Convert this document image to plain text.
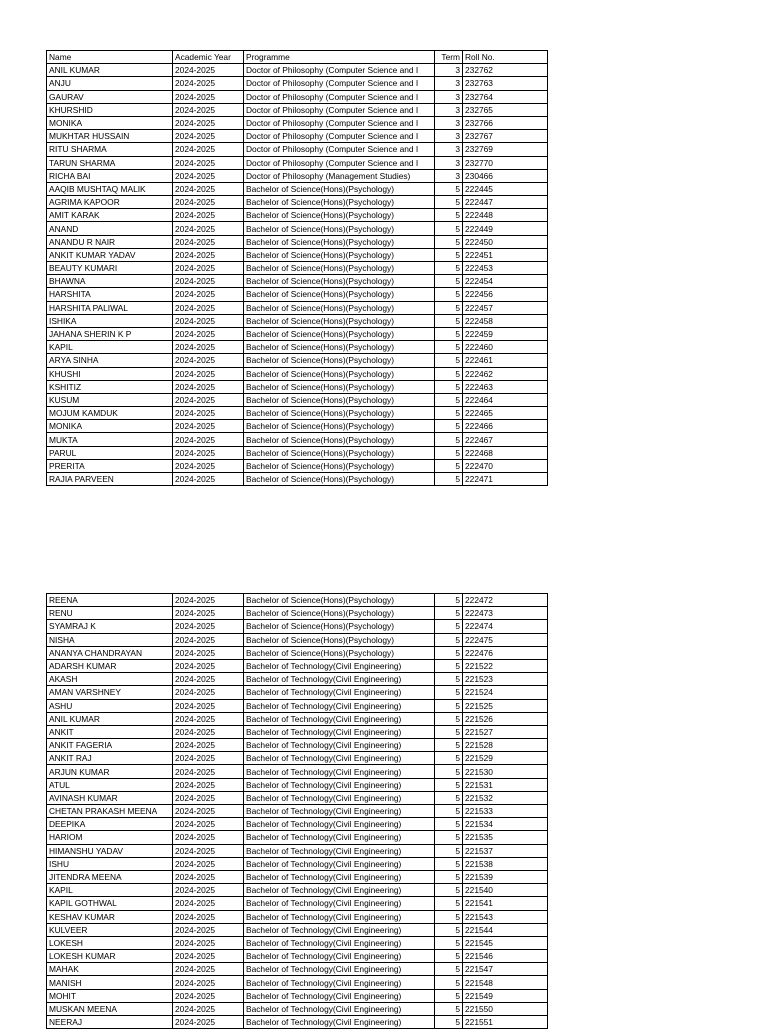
Name	Academic Year	Programme	Term	Roll No.
ANIL KUMAR	2024-2025	Doctor of Philosophy (Computer Science and I	3	232762
ANJU	2024-2025	Doctor of Philosophy (Computer Science and I	3	232763
GAURAV	2024-2025	Doctor of Philosophy (Computer Science and I	3	232764
KHURSHID	2024-2025	Doctor of Philosophy (Computer Science and I	3	232765
MONIKA	2024-2025	Doctor of Philosophy (Computer Science and I	3	232766
MUKHTAR HUSSAIN	2024-2025	Doctor of Philosophy (Computer Science and I	3	232767
RITU SHARMA	2024-2025	Doctor of Philosophy (Computer Science and I	3	232769
TARUN SHARMA	2024-2025	Doctor of Philosophy (Computer Science and I	3	232770
RICHA BAI	2024-2025	Doctor of Philosophy (Management Studies)	3	230466
AAQIB MUSHTAQ MALIK	2024-2025	Bachelor of Science(Hons)(Psychology)	5	222445
AGRIMA KAPOOR	2024-2025	Bachelor of Science(Hons)(Psychology)	5	222447
AMIT KARAK	2024-2025	Bachelor of Science(Hons)(Psychology)	5	222448
ANAND	2024-2025	Bachelor of Science(Hons)(Psychology)	5	222449
ANANDU R NAIR	2024-2025	Bachelor of Science(Hons)(Psychology)	5	222450
ANKIT KUMAR YADAV	2024-2025	Bachelor of Science(Hons)(Psychology)	5	222451
BEAUTY KUMARI	2024-2025	Bachelor of Science(Hons)(Psychology)	5	222453
BHAWNA	2024-2025	Bachelor of Science(Hons)(Psychology)	5	222454
HARSHITA	2024-2025	Bachelor of Science(Hons)(Psychology)	5	222456
HARSHITA PALIWAL	2024-2025	Bachelor of Science(Hons)(Psychology)	5	222457
ISHIKA	2024-2025	Bachelor of Science(Hons)(Psychology)	5	222458
JAHANA SHERIN K P	2024-2025	Bachelor of Science(Hons)(Psychology)	5	222459
KAPIL	2024-2025	Bachelor of Science(Hons)(Psychology)	5	222460
ARYA SINHA	2024-2025	Bachelor of Science(Hons)(Psychology)	5	222461
KHUSHI	2024-2025	Bachelor of Science(Hons)(Psychology)	5	222462
KSHITIZ	2024-2025	Bachelor of Science(Hons)(Psychology)	5	222463
KUSUM	2024-2025	Bachelor of Science(Hons)(Psychology)	5	222464
MOJUM KAMDUK	2024-2025	Bachelor of Science(Hons)(Psychology)	5	222465
MONIKA	2024-2025	Bachelor of Science(Hons)(Psychology)	5	222466
MUKTA	2024-2025	Bachelor of Science(Hons)(Psychology)	5	222467
PARUL	2024-2025	Bachelor of Science(Hons)(Psychology)	5	222468
PRERITA	2024-2025	Bachelor of Science(Hons)(Psychology)	5	222470
RAJIA PARVEEN	2024-2025	Bachelor of Science(Hons)(Psychology)	5	222471
REENA	2024-2025	Bachelor of Science(Hons)(Psychology)	5	222472
RENU	2024-2025	Bachelor of Science(Hons)(Psychology)	5	222473
SYAMRAJ K	2024-2025	Bachelor of Science(Hons)(Psychology)	5	222474
NISHA	2024-2025	Bachelor of Science(Hons)(Psychology)	5	222475
ANANYA CHANDRAYAN	2024-2025	Bachelor of Science(Hons)(Psychology)	5	222476
ADARSH KUMAR	2024-2025	Bachelor of Technology(Civil Engineering)	5	221522
AKASH	2024-2025	Bachelor of Technology(Civil Engineering)	5	221523
AMAN VARSHNEY	2024-2025	Bachelor of Technology(Civil Engineering)	5	221524
ASHU	2024-2025	Bachelor of Technology(Civil Engineering)	5	221525
ANIL KUMAR	2024-2025	Bachelor of Technology(Civil Engineering)	5	221526
ANKIT	2024-2025	Bachelor of Technology(Civil Engineering)	5	221527
ANKIT FAGERIA	2024-2025	Bachelor of Technology(Civil Engineering)	5	221528
ANKIT RAJ	2024-2025	Bachelor of Technology(Civil Engineering)	5	221529
ARJUN KUMAR	2024-2025	Bachelor of Technology(Civil Engineering)	5	221530
ATUL	2024-2025	Bachelor of Technology(Civil Engineering)	5	221531
AVINASH KUMAR	2024-2025	Bachelor of Technology(Civil Engineering)	5	221532
CHETAN PRAKASH MEENA	2024-2025	Bachelor of Technology(Civil Engineering)	5	221533
DEEPIKA	2024-2025	Bachelor of Technology(Civil Engineering)	5	221534
HARIOM	2024-2025	Bachelor of Technology(Civil Engineering)	5	221535
HIMANSHU YADAV	2024-2025	Bachelor of Technology(Civil Engineering)	5	221537
ISHU	2024-2025	Bachelor of Technology(Civil Engineering)	5	221538
JITENDRA MEENA	2024-2025	Bachelor of Technology(Civil Engineering)	5	221539
KAPIL	2024-2025	Bachelor of Technology(Civil Engineering)	5	221540
KAPIL GOTHWAL	2024-2025	Bachelor of Technology(Civil Engineering)	5	221541
KESHAV KUMAR	2024-2025	Bachelor of Technology(Civil Engineering)	5	221543
KULVEER	2024-2025	Bachelor of Technology(Civil Engineering)	5	221544
LOKESH	2024-2025	Bachelor of Technology(Civil Engineering)	5	221545
LOKESH KUMAR	2024-2025	Bachelor of Technology(Civil Engineering)	5	221546
MAHAK	2024-2025	Bachelor of Technology(Civil Engineering)	5	221547
MANISH	2024-2025	Bachelor of Technology(Civil Engineering)	5	221548
MOHIT	2024-2025	Bachelor of Technology(Civil Engineering)	5	221549
MUSKAN MEENA	2024-2025	Bachelor of Technology(Civil Engineering)	5	221550
NEERAJ	2024-2025	Bachelor of Technology(Civil Engineering)	5	221551
